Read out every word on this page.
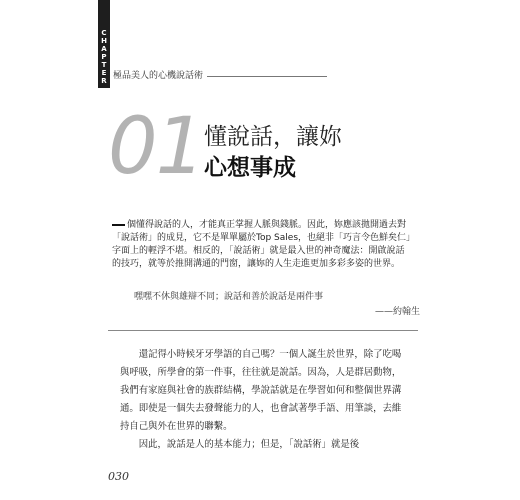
CHAPTER 1
極品美人的心機說話術
01 懂說話，讓妳
心想事成
個懂得說話的人，才能真正掌握人脈與錢脈。因此，妳應該拋開過去對「說話術」的成見，它不是單單屬於Top Sales，也絕非「巧言令色鮮矣仁」字面上的輕浮不堪。相反的，「說話術」就是最入世的神奇魔法：開啟說話的技巧，就等於推開溝通的門窗，讓妳的人生走進更加多彩多姿的世界。
嘿嘿不休與雄辯不同；說話和善於說話是兩件事
——約翰生

還記得小時候牙牙學語的自己嗎？一個人誕生於世界，除了吃喝與呼吸，所學會的第一件事，往往就是說話。因為，人是群居動物，我們有家庭與社會的族群結構，學說話就是在學習如何和整個世界溝通。即使是一個失去發聲能力的人，也會試著學手語、用筆談，去維持自己與外在世界的聯繫。

因此，說話是人的基本能力；但是，「說話術」就是後

030
